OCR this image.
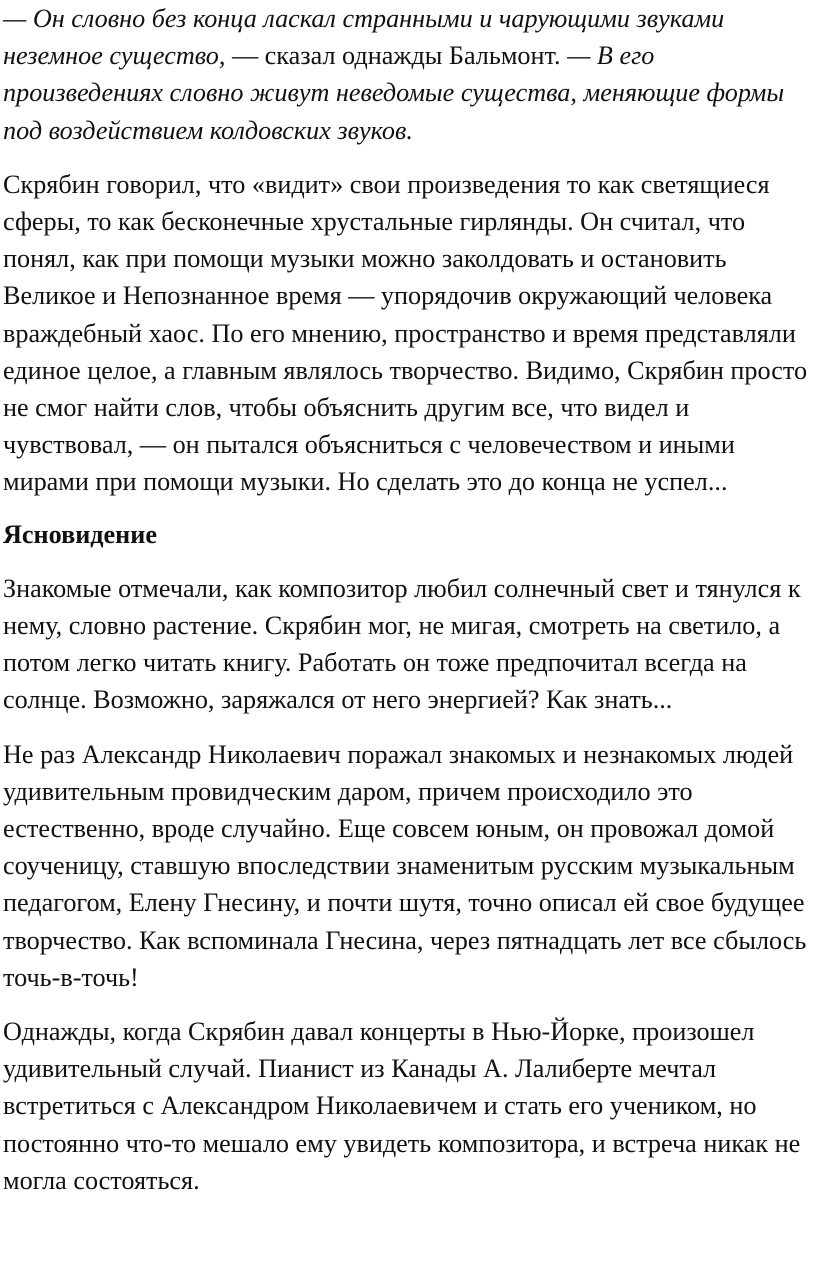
— Он словно без конца ласкал странными и чарующими звуками неземное существо, — сказал однажды Бальмонт. — В его произведениях словно живут неведомые существа, меняющие формы под воздействием колдовских звуков.

Скрябин говорил, что «видит» свои произведения то как светящиеся сферы, то как бесконечные хрустальные гирлянды. Он считал, что понял, как при помощи музыки можно заколдовать и остановить Великое и Непознанное время — упорядочив окружающий человека враждебный хаос. По его мнению, пространство и время представляли единое целое, а главным являлось творчество. Видимо, Скрябин просто не смог найти слов, чтобы объяснить другим все, что видел и чувствовал, — он пытался объясниться с человечеством и иными мирами при помощи музыки. Но сделать это до конца не успел...

Ясновидение

Знакомые отмечали, как композитор любил солнечный свет и тянулся к нему, словно растение. Скрябин мог, не мигая, смотреть на светило, а потом легко читать книгу. Работать он тоже предпочитал всегда на солнце. Возможно, заряжался от него энергией? Как знать...

Не раз Александр Николаевич поражал знакомых и незнакомых людей удивительным провидческим даром, причем происходило это естественно, вроде случайно. Еще совсем юным, он провожал домой соученицу, ставшую впоследствии знаменитым русским музыкальным педагогом, Елену Гнесину, и почти шутя, точно описал ей свое будущее творчество. Как вспоминала Гнесина, через пятнадцать лет все сбылось точь-в-точь!

Однажды, когда Скрябин давал концерты в Нью-Йорке, произошел удивительный случай. Пианист из Канады А. Лалиберте мечтал встретиться с Александром Николаевичем и стать его учеником, но постоянно что-то мешало ему увидеть композитора, и встреча никак не могла состояться.
